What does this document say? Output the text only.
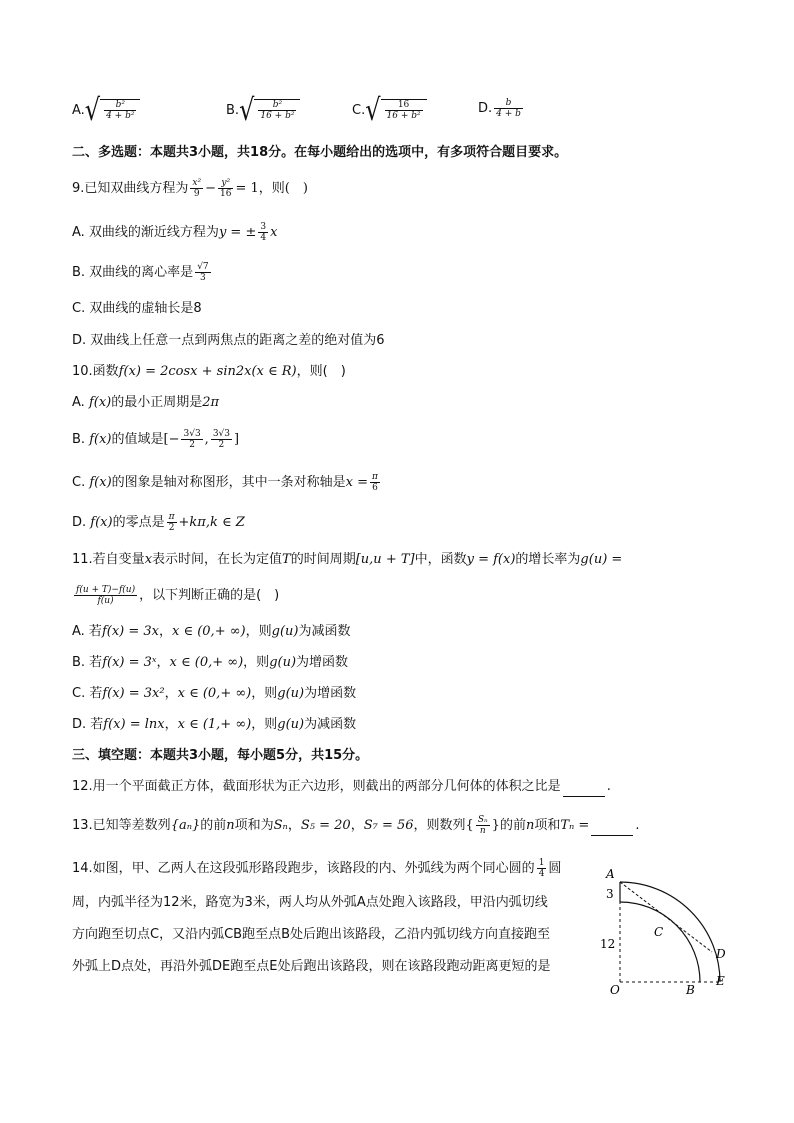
A. √ $\frac{\text{b²}}{\text{4 + b²}}$	B. √ $\frac{\text{b²}}{\text{16 + b²}}$	C. √ $\frac{16}{\text{16 + b²}}$	D. $\frac{b}{4 + b}$
二、多选题：本题共3小题，共18分。在每小题给出的选项中，有多项符合题目要求。
9.已知双曲线方程为 $\frac{\text{x²}}{9} - \frac{\text{y²}}{16} = 1$，则(　)
A. 双曲线的渐近线方程为y = ± $\frac{3}{4}$ x
B. 双曲线的离心率是 $\frac{√7}{3}$
C. 双曲线的虚轴长是8
D. 双曲线上任意一点到两焦点的距离之差的绝对值为6
10.函数f(x) = 2cosx + sin2x(x ∈ R)，则(　)
A. f(x)的最小正周期是2π
B. f(x)的值域是[− $\frac{3√3}{2}$ , $\frac{3√3}{2}$ ]
C. f(x)的图象是轴对称图形，其中一条对称轴是$x = \frac{\pi}{6}$
D. f(x)的零点是 $\frac{\pi}{2} +k\pi,k$ ∈ Z
11.若自变量x表示时间，在长为定值T的时间周期[u,u + T]中，函数y = f(x)的增长率为g(u) =
$\frac{f(u + T)-f(u)}{f(u)}$ ，以下判断正确的是(　)
A. 若f(x) = 3x，x ∈ (0,+ ∞)，则g(u)为减函数
B. 若f(x) = 3ˣ，x ∈ (0,+ ∞)，则g(u)为增函数
C. 若f(x) = 3x²，x ∈ (0,+ ∞)，则g(u)为增函数
D. 若f(x) = lnx，x ∈ (1,+ ∞)，则g(u)为减函数
三、填空题：本题共3小题，每小题5分，共15分。
12.用一个平面截正方体，截面形状为正六边形，则截出的两部分几何体的体积之比是	.
13.已知等差数列{aₙ}的前n项和为Sₙ，S₅ = 20，S₇ = 56，则数列{ $\frac{\text{Sₙ}}{n}$ }的前n项和Tₙ =	.
14.如图，甲、乙两人在这段弧形路段跑步，该路段的内、外弧线为两个同心圆的 $\frac{1}{4}$ 圆
周，内弧半径为12米，路宽为3米，两人均从外弧A点处跑入该路段，甲沿内弧切线
方向跑至切点C，又沿内弧CB跑至点B处后跑出该路段，乙沿内弧切线方向直接跑至
外弧上D点处，再沿外弧DE跑至点E处后跑出该路段，则在该路段跑动距离更短的是
A
3
12
C
D
E
B
O
